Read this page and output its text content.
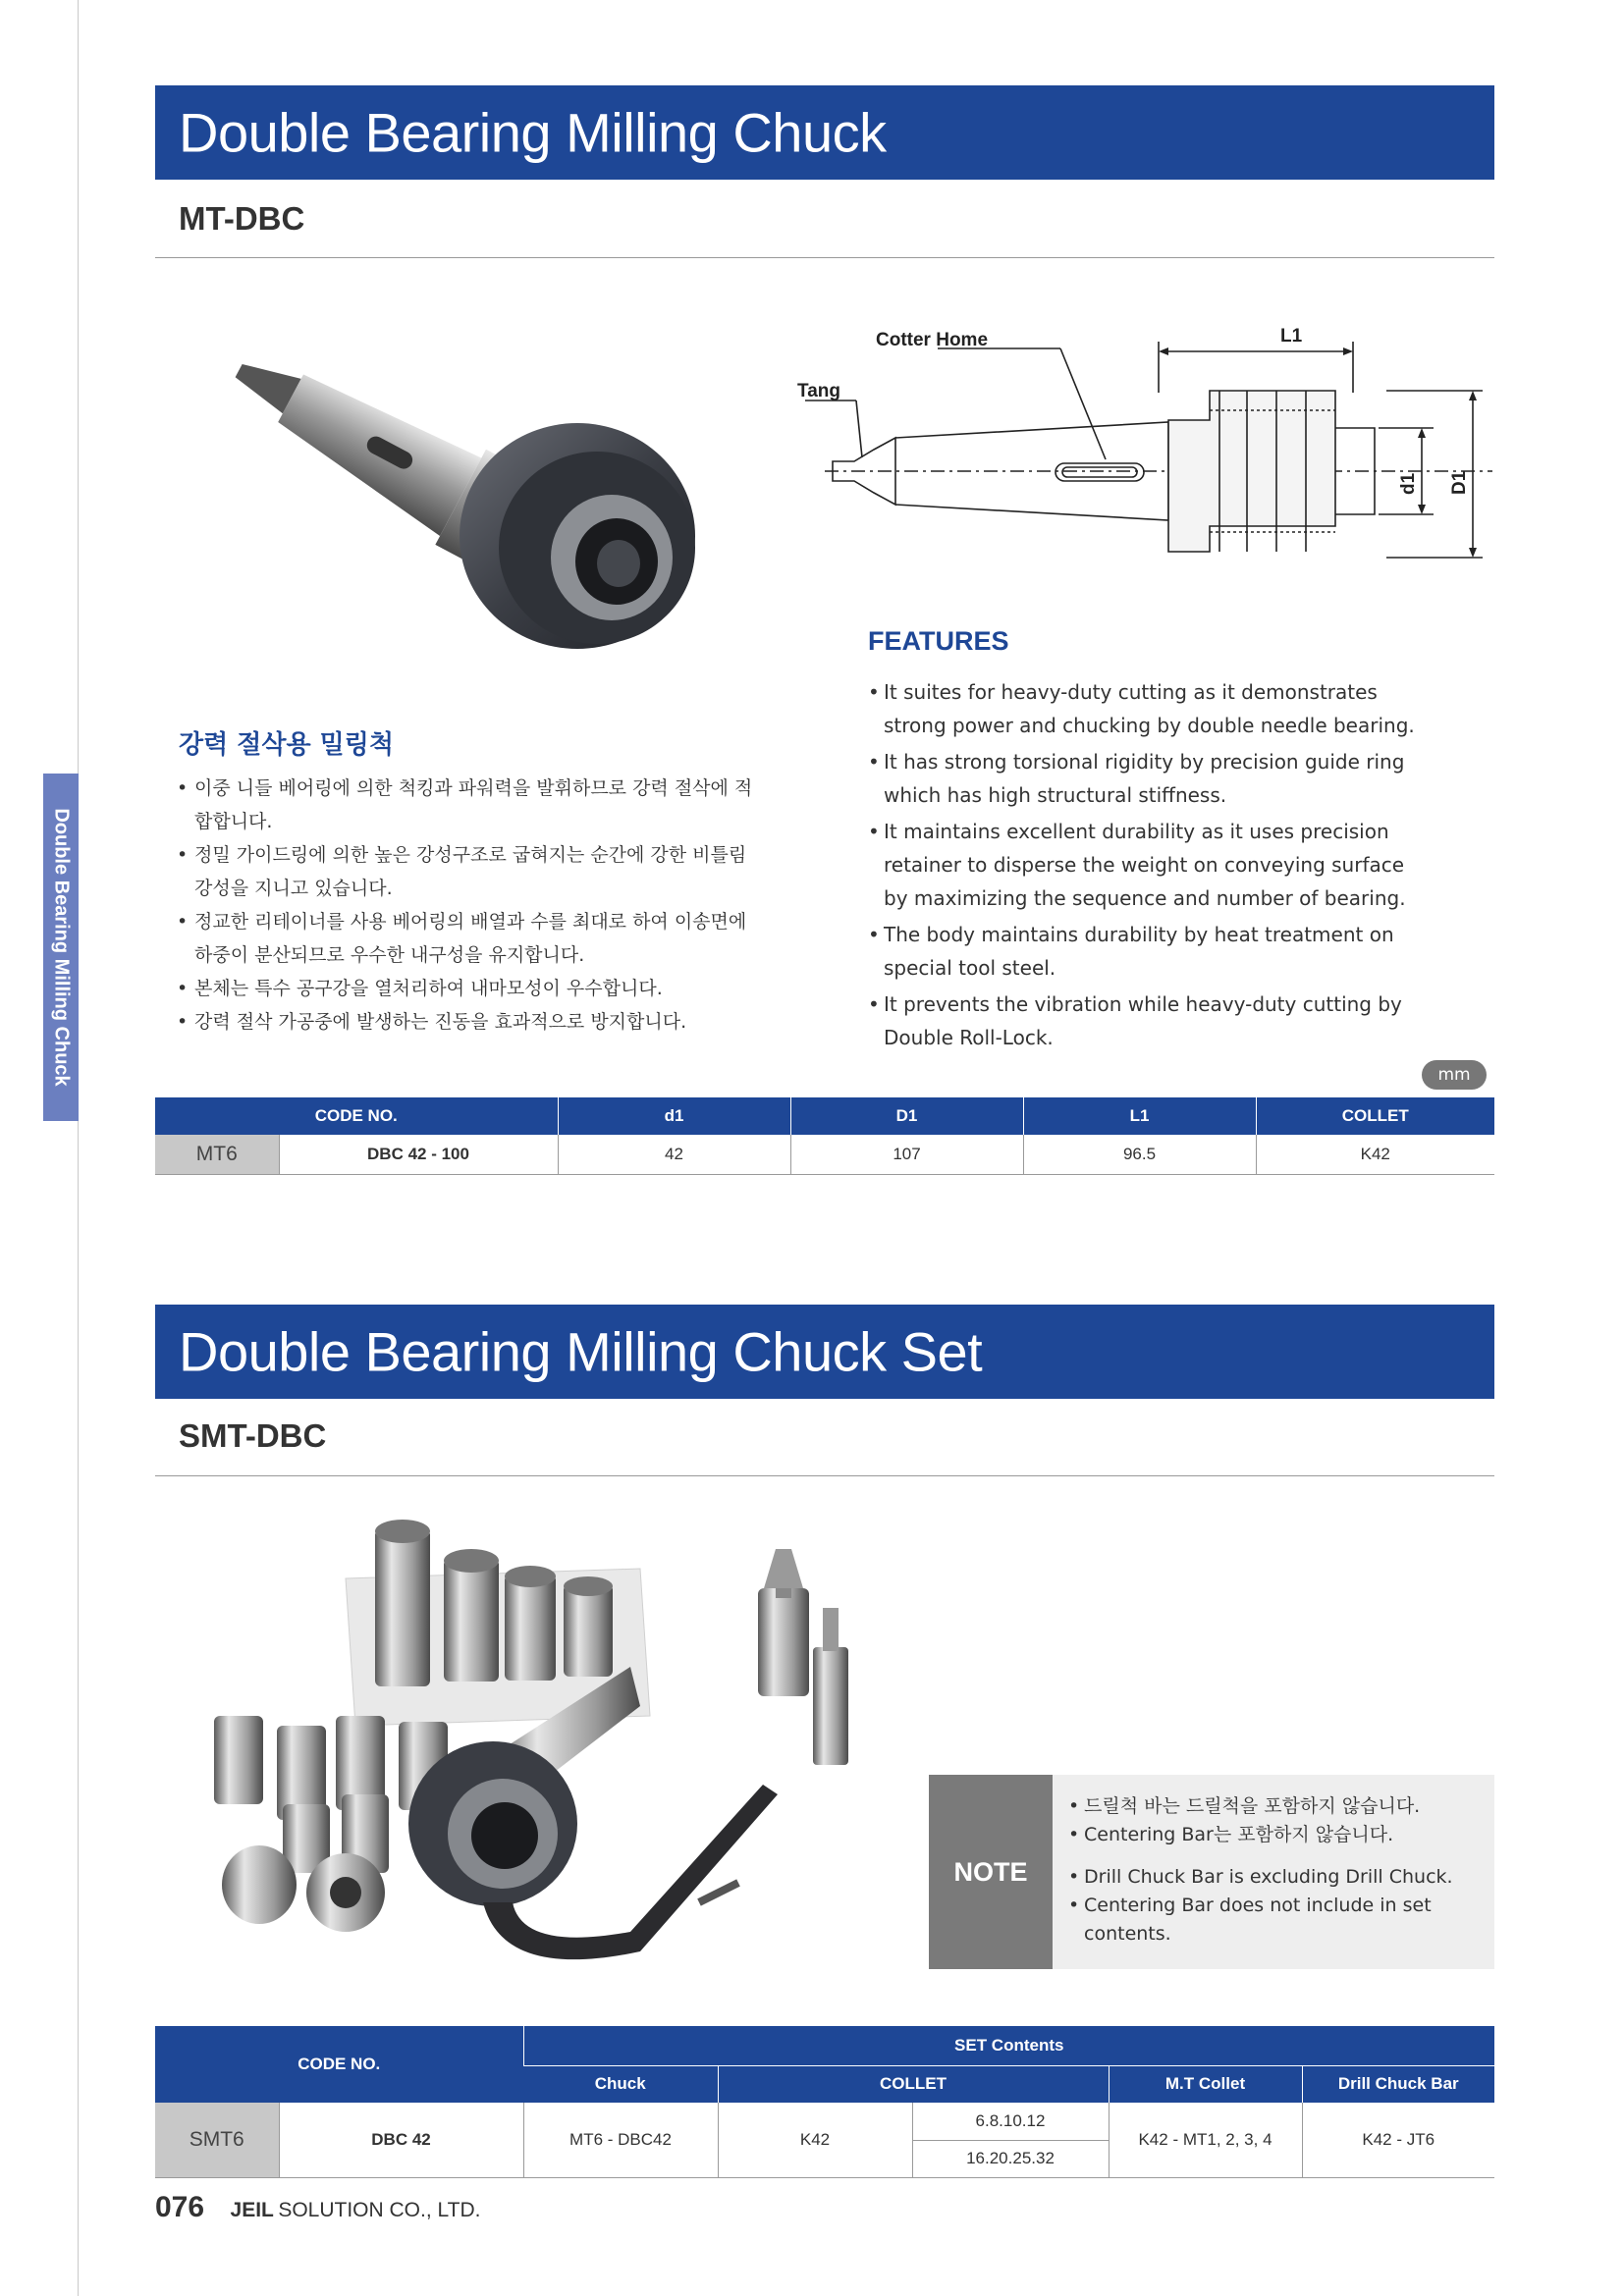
Double Bearing Milling Chuck
Double Bearing Milling Chuck
MT-DBC
Cotter Home
Tang
L1
d1 D1
FEATURES
• It suites for heavy-duty cutting as it demonstrates strong power and chucking by double needle bearing.
• It has strong torsional rigidity by precision guide ring which has high structural stiffness.
• It maintains excellent durability as it uses precision retainer to disperse the weight on conveying surface by maximizing the sequence and number of bearing.
• The body maintains durability by heat treatment on special tool steel.
• It prevents the vibration while heavy-duty cutting by Double Roll-Lock.
강력 절삭용 밀링척
• 이중 니들 베어링에 의한 척킹과 파워력을 발휘하므로 강력 절삭에 적합합니다.
• 정밀 가이드링에 의한 높은 강성구조로 굽혀지는 순간에 강한 비틀림 강성을 지니고 있습니다.
• 정교한 리테이너를 사용 베어링의 배열과 수를 최대로 하여 이송면에 하중이 분산되므로 우수한 내구성을 유지합니다.
• 본체는 특수 공구강을 열처리하여 내마모성이 우수합니다.
• 강력 절삭 가공중에 발생하는 진동을 효과적으로 방지합니다.
mm
CODE NO.		d1	D1	L1	COLLET
MT6	DBC 42 - 100	42	107	96.5	K42
Double Bearing Milling Chuck Set
SMT-DBC
NOTE
• 드릴척 바는 드릴척을 포함하지 않습니다.
• Centering Bar는 포함하지 않습니다.
• Drill Chuck Bar is excluding Drill Chuck.
• Centering Bar does not include in set contents.
CODE NO.		SET Contents				
		Chuck	COLLET		M.T Collet	Drill Chuck Bar
SMT6	DBC 42	MT6 - DBC42	K42	6.8.10.12	K42 - MT1, 2, 3, 4	K42 - JT6
				16.20.25.32		
076 JEIL SOLUTION CO., LTD.
